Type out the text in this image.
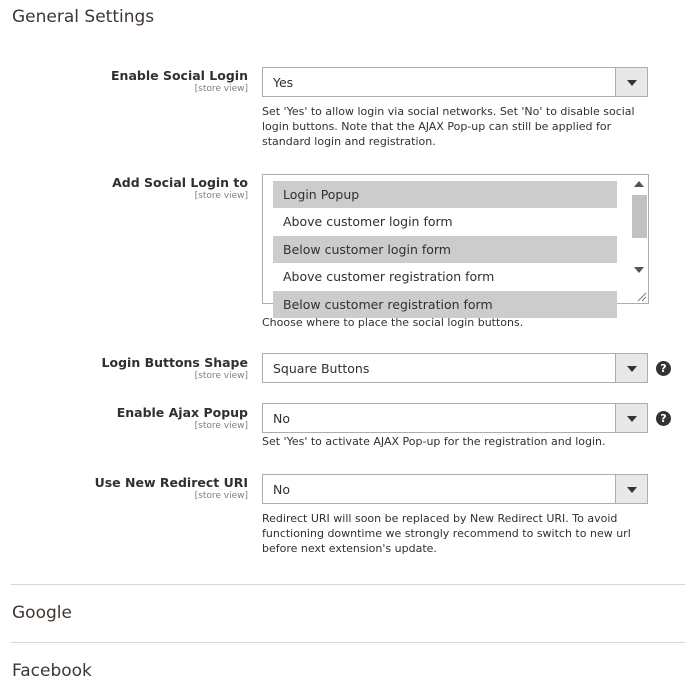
General Settings
Enable Social Login
[store view] Yes
Set 'Yes' to allow login via social networks. Set 'No' to disable social login buttons. Note that the AJAX Pop-up can still be applied for standard login and registration.
Add Social Login to
[store view]	Login Popup
Above customer login form
Below customer login form
Above customer registration form
Below customer registration form
Choose where to place the social login buttons.
Login Buttons Shape
[store view] Square Buttons	?
Enable Ajax Popup
[store view] No	?
Set 'Yes' to activate AJAX Pop-up for the registration and login.
Use New Redirect URI
[store view] No
Redirect URI will soon be replaced by New Redirect URI. To avoid functioning downtime we strongly recommend to switch to new url before next extension's update.
Google
Facebook
